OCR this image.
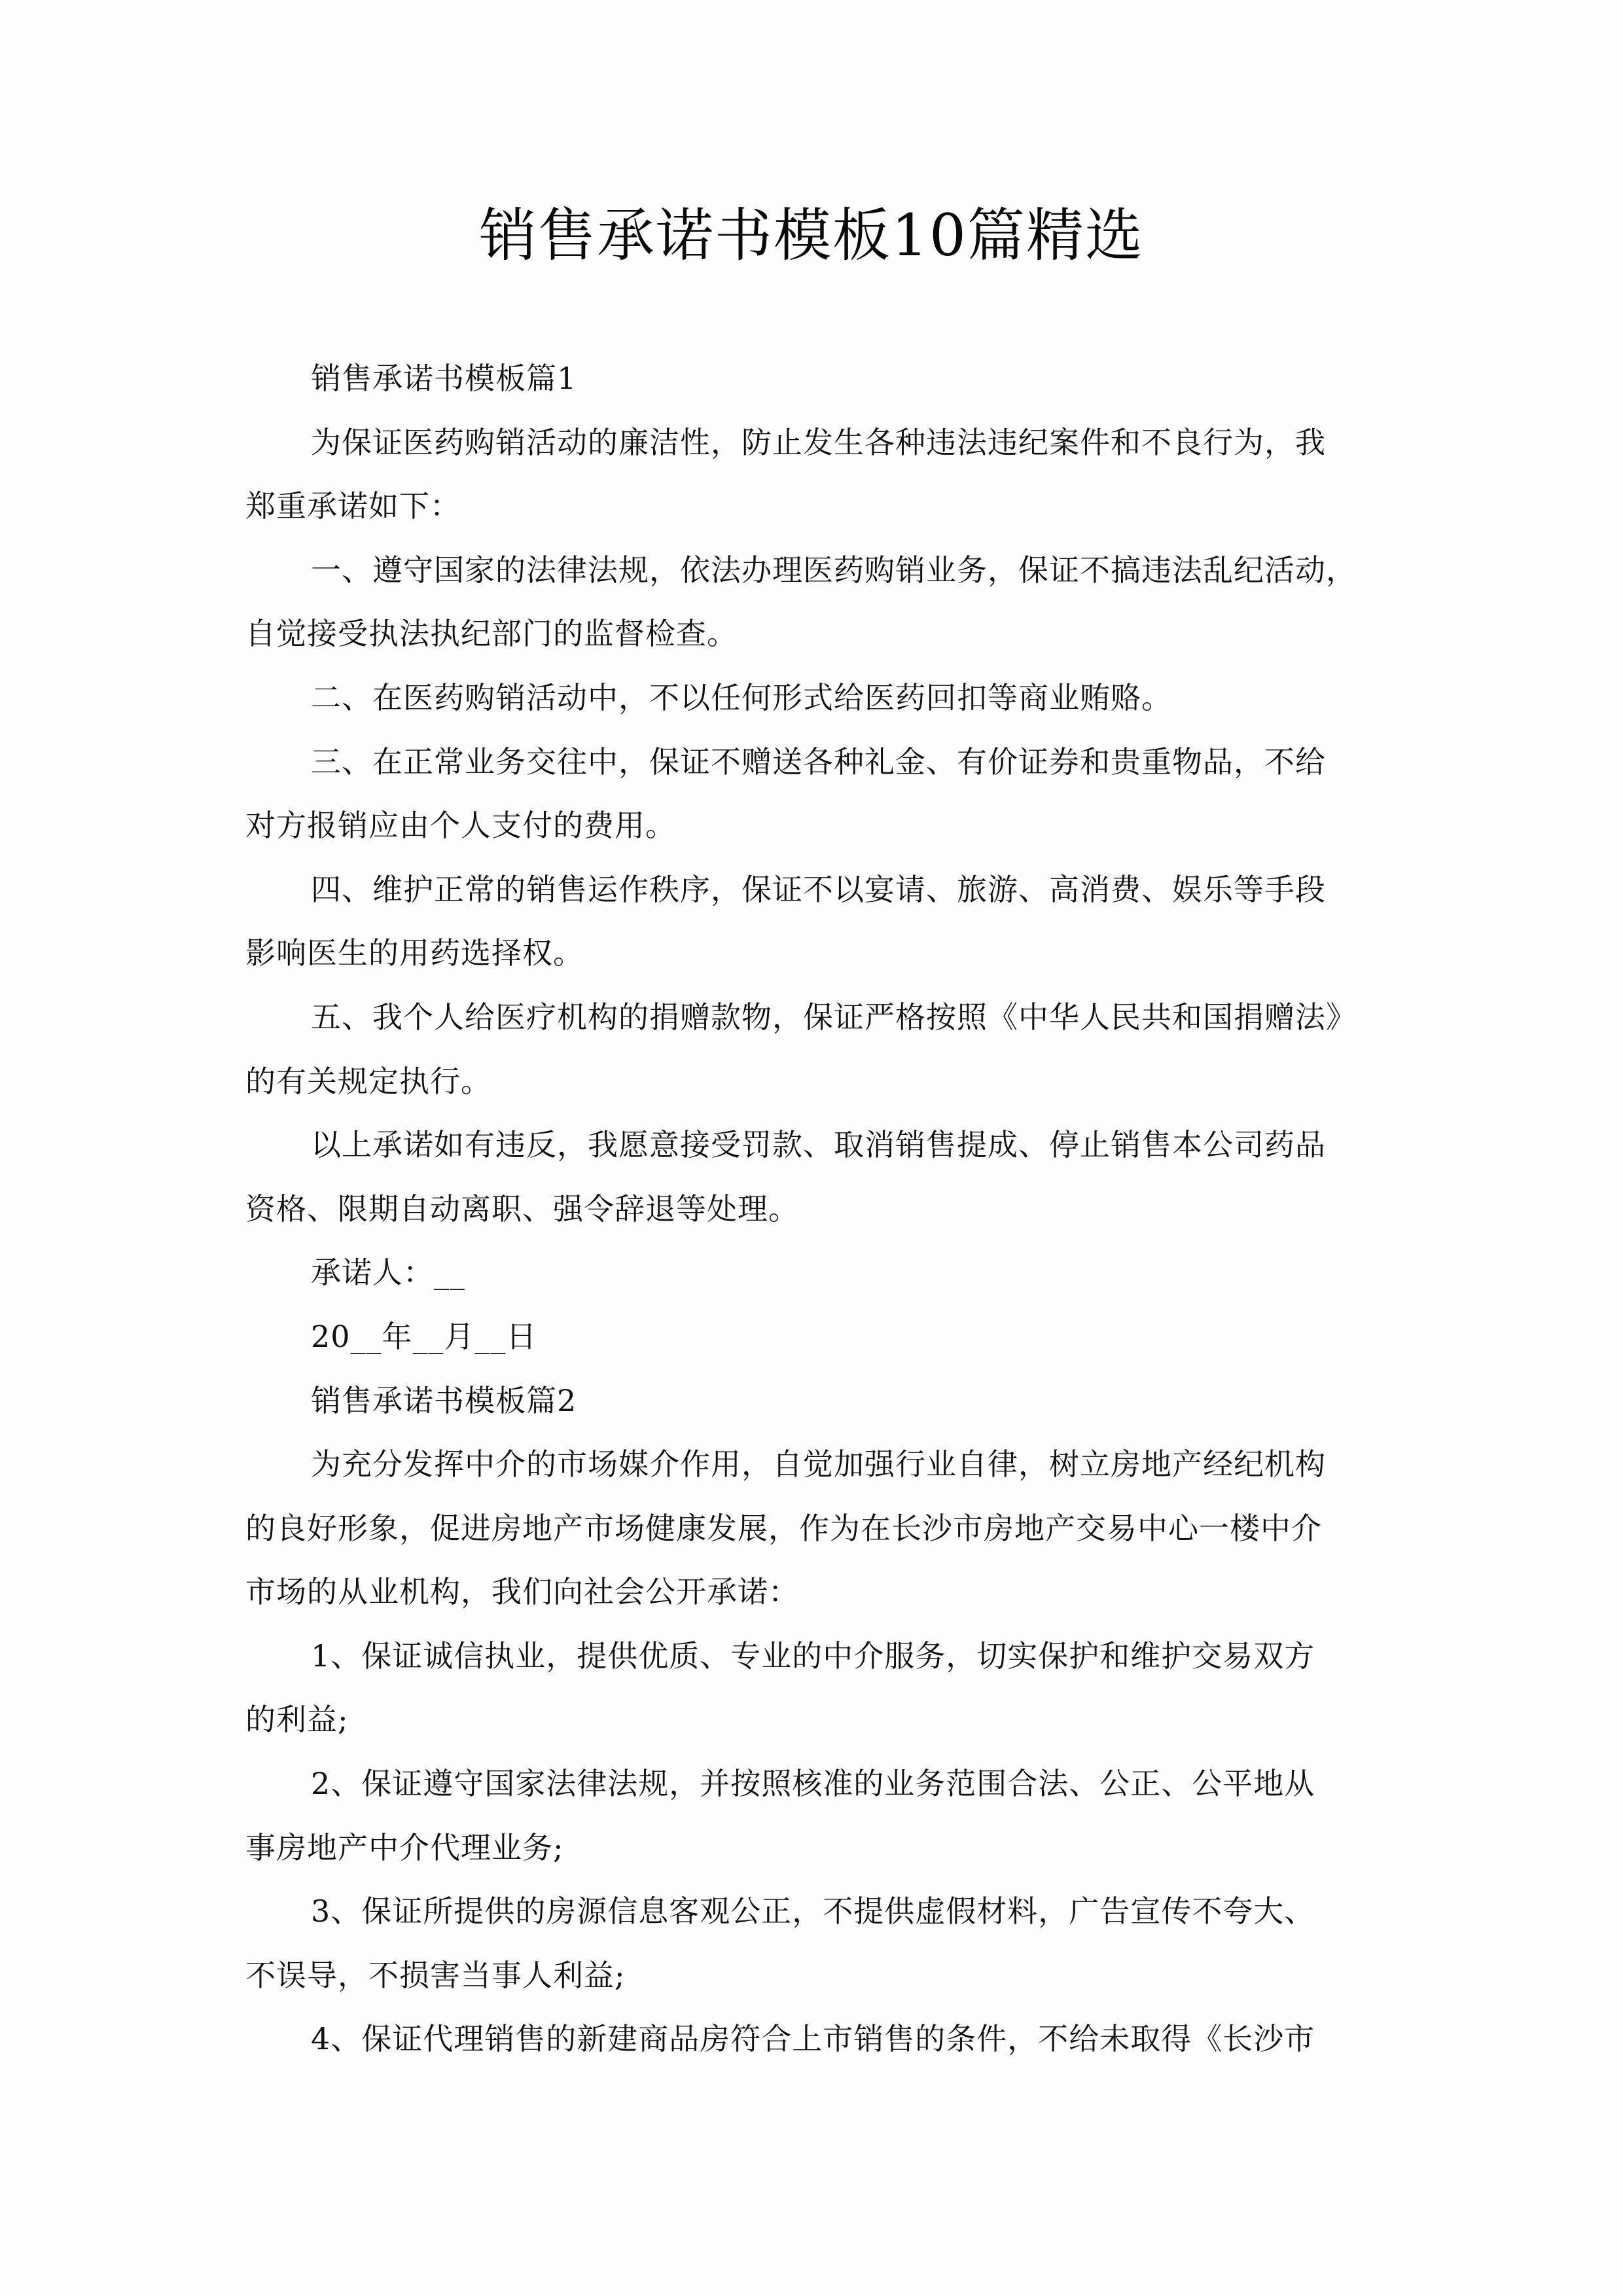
销售承诺书模板10篇精选
销售承诺书模板篇1
为保证医药购销活动的廉洁性，防止发生各种违法违纪案件和不良行为，我
郑重承诺如下：
一、遵守国家的法律法规，依法办理医药购销业务，保证不搞违法乱纪活动，
自觉接受执法执纪部门的监督检查。
二、在医药购销活动中，不以任何形式给医药回扣等商业贿赂。
三、在正常业务交往中，保证不赠送各种礼金、有价证券和贵重物品，不给
对方报销应由个人支付的费用。
四、维护正常的销售运作秩序，保证不以宴请、旅游、高消费、娱乐等手段
影响医生的用药选择权。
五、我个人给医疗机构的捐赠款物，保证严格按照《中华人民共和国捐赠法》
的有关规定执行。
以上承诺如有违反，我愿意接受罚款、取消销售提成、停止销售本公司药品
资格、限期自动离职、强令辞退等处理。
承诺人：__
20__年__月__日
销售承诺书模板篇2
为充分发挥中介的市场媒介作用，自觉加强行业自律，树立房地产经纪机构
的良好形象，促进房地产市场健康发展，作为在长沙市房地产交易中心一楼中介
市场的从业机构，我们向社会公开承诺：
1、保证诚信执业，提供优质、专业的中介服务，切实保护和维护交易双方
的利益;
2、保证遵守国家法律法规，并按照核准的业务范围合法、公正、公平地从
事房地产中介代理业务;
3、保证所提供的房源信息客观公正，不提供虚假材料，广告宣传不夸大、
不误导，不损害当事人利益;
4、保证代理销售的新建商品房符合上市销售的条件，不给未取得《长沙市
